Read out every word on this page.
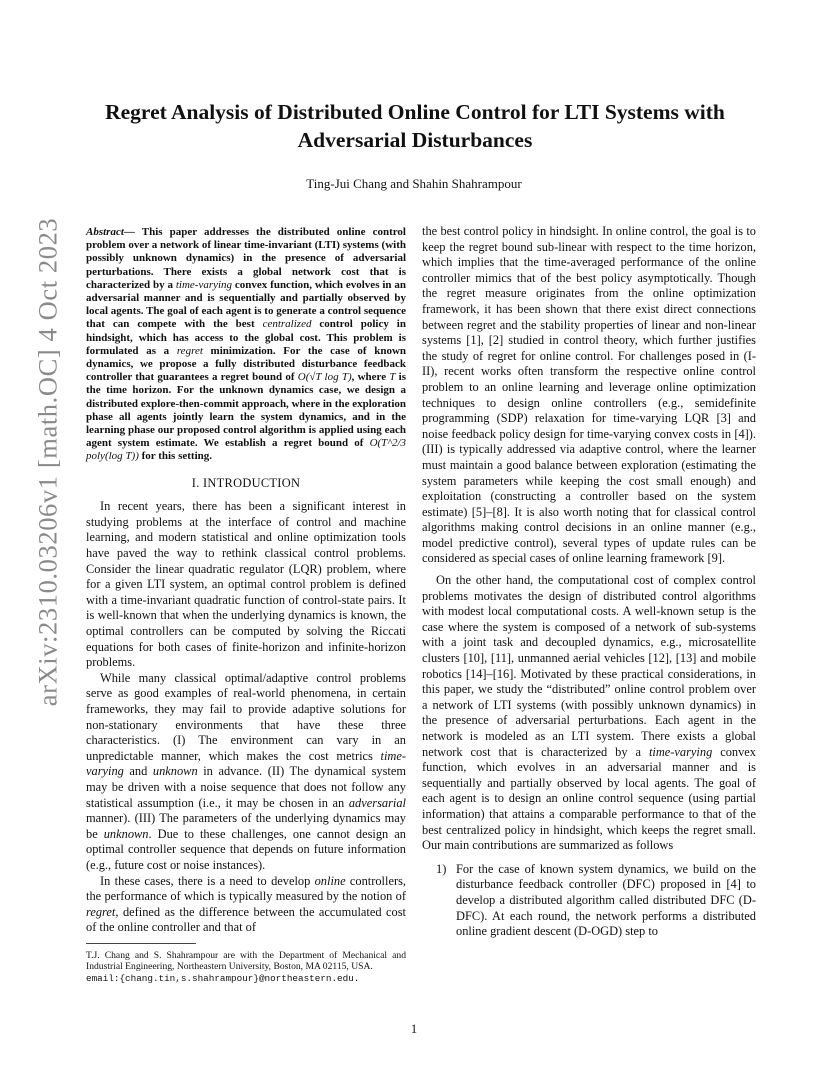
arXiv:2310.03206v1 [math.OC] 4 Oct 2023
Regret Analysis of Distributed Online Control for LTI Systems with Adversarial Disturbances
Ting-Jui Chang and Shahin Shahrampour

Abstract— This paper addresses the distributed online control problem over a network of linear time-invariant (LTI) systems (with possibly unknown dynamics) in the presence of adversarial perturbations. There exists a global network cost that is characterized by a time-varying convex function, which evolves in an adversarial manner and is sequentially and partially observed by local agents. The goal of each agent is to generate a control sequence that can compete with the best centralized control policy in hindsight, which has access to the global cost. This problem is formulated as a regret minimization. For the case of known dynamics, we propose a fully distributed disturbance feedback controller that guarantees a regret bound of O(√T log T), where T is the time horizon. For the unknown dynamics case, we design a distributed explore-then-commit approach, where in the exploration phase all agents jointly learn the system dynamics, and in the learning phase our proposed control algorithm is applied using each agent system estimate. We establish a regret bound of O(T^2/3 poly(log T)) for this setting.

I. INTRODUCTION

In recent years, there has been a significant interest in studying problems at the interface of control and machine learning, and modern statistical and online optimization tools have paved the way to rethink classical control problems. Consider the linear quadratic regulator (LQR) problem, where for a given LTI system, an optimal control problem is defined with a time-invariant quadratic function of control-state pairs. It is well-known that when the underlying dynamics is known, the optimal controllers can be computed by solving the Riccati equations for both cases of finite-horizon and infinite-horizon problems.

While many classical optimal/adaptive control problems serve as good examples of real-world phenomena, in certain frameworks, they may fail to provide adaptive solutions for non-stationary environments that have these three characteristics. (I) The environment can vary in an unpredictable manner, which makes the cost metrics time-varying and unknown in advance. (II) The dynamical system may be driven with a noise sequence that does not follow any statistical assumption (i.e., it may be chosen in an adversarial manner). (III) The parameters of the underlying dynamics may be unknown. Due to these challenges, one cannot design an optimal controller sequence that depends on future information (e.g., future cost or noise instances).

In these cases, there is a need to develop online controllers, the performance of which is typically measured by the notion of regret, defined as the difference between the accumulated cost of the online controller and that of

T.J. Chang and S. Shahrampour are with the Department of Mechanical and Industrial Engineering, Northeastern University, Boston, MA 02115, USA.
email:{chang.tin,s.shahrampour}@northeastern.edu.

the best control policy in hindsight. In online control, the goal is to keep the regret bound sub-linear with respect to the time horizon, which implies that the time-averaged performance of the online controller mimics that of the best policy asymptotically. Though the regret measure originates from the online optimization framework, it has been shown that there exist direct connections between regret and the stability properties of linear and non-linear systems [1], [2] studied in control theory, which further justifies the study of regret for online control. For challenges posed in (I-II), recent works often transform the respective online control problem to an online learning and leverage online optimization techniques to design online controllers (e.g., semidefinite programming (SDP) relaxation for time-varying LQR [3] and noise feedback policy design for time-varying convex costs in [4]). (III) is typically addressed via adaptive control, where the learner must maintain a good balance between exploration (estimating the system parameters while keeping the cost small enough) and exploitation (constructing a controller based on the system estimate) [5]–[8]. It is also worth noting that for classical control algorithms making control decisions in an online manner (e.g., model predictive control), several types of update rules can be considered as special cases of online learning framework [9].

On the other hand, the computational cost of complex control problems motivates the design of distributed control algorithms with modest local computational costs. A well-known setup is the case where the system is composed of a network of sub-systems with a joint task and decoupled dynamics, e.g., microsatellite clusters [10], [11], unmanned aerial vehicles [12], [13] and mobile robotics [14]–[16]. Motivated by these practical considerations, in this paper, we study the “distributed” online control problem over a network of LTI systems (with possibly unknown dynamics) in the presence of adversarial perturbations. Each agent in the network is modeled as an LTI system. There exists a global network cost that is characterized by a time-varying convex function, which evolves in an adversarial manner and is sequentially and partially observed by local agents. The goal of each agent is to design an online control sequence (using partial information) that attains a comparable performance to that of the best centralized policy in hindsight, which keeps the regret small. Our main contributions are summarized as follows

1) For the case of known system dynamics, we build on the disturbance feedback controller (DFC) proposed in [4] to develop a distributed algorithm called distributed DFC (D-DFC). At each round, the network performs a distributed online gradient descent (D-OGD) step to
1
